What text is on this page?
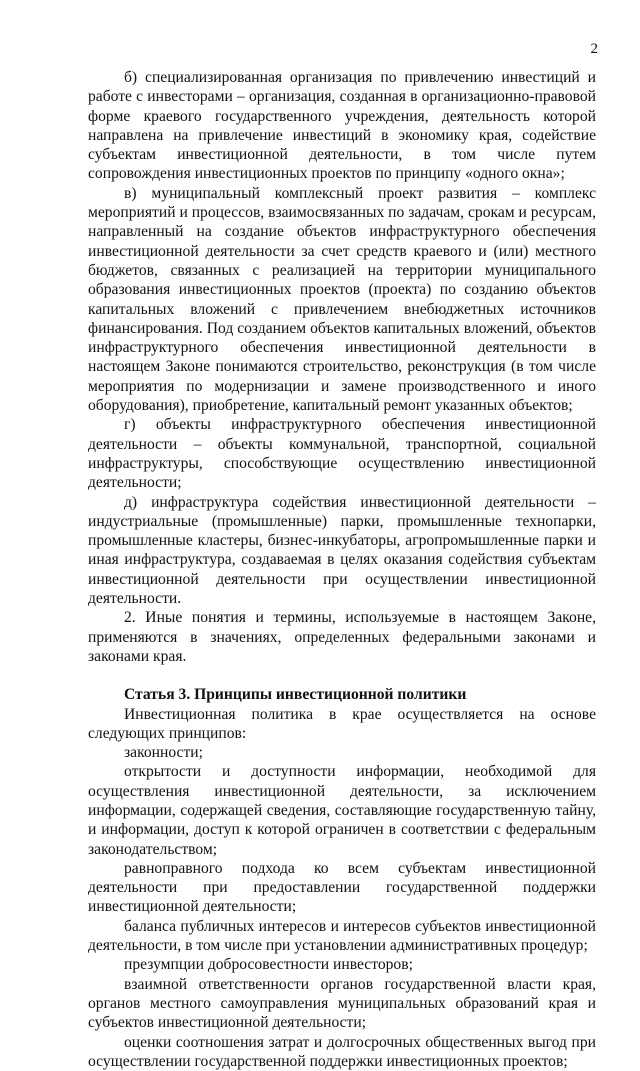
2

б) специализированная организация по привлечению инвестиций и работе с инвесторами – организация, созданная в организационно-правовой форме краевого государственного учреждения, деятельность которой направлена на привлечение инвестиций в экономику края, содействие субъектам инвестиционной деятельности, в том числе путем сопровождения инвестиционных проектов по принципу «одного окна»;

в) муниципальный комплексный проект развития – комплекс мероприятий и процессов, взаимосвязанных по задачам, срокам и ресурсам, направленный на создание объектов инфраструктурного обеспечения инвестиционной деятельности за счет средств краевого и (или) местного бюджетов, связанных с реализацией на территории муниципального образования инвестиционных проектов (проекта) по созданию объектов капитальных вложений с привлечением внебюджетных источников финансирования. Под созданием объектов капитальных вложений, объектов инфраструктурного обеспечения инвестиционной деятельности в настоящем Законе понимаются строительство, реконструкция (в том числе мероприятия по модернизации и замене производственного и иного оборудования), приобретение, капитальный ремонт указанных объектов;

г) объекты инфраструктурного обеспечения инвестиционной деятельности – объекты коммунальной, транспортной, социальной инфраструктуры, способствующие осуществлению инвестиционной деятельности;

д) инфраструктура содействия инвестиционной деятельности – индустриальные (промышленные) парки, промышленные технопарки, промышленные кластеры, бизнес-инкубаторы, агропромышленные парки и иная инфраструктура, создаваемая в целях оказания содействия субъектам инвестиционной деятельности при осуществлении инвестиционной деятельности.

2. Иные понятия и термины, используемые в настоящем Законе, применяются в значениях, определенных федеральными законами и законами края.

Статья 3. Принципы инвестиционной политики

Инвестиционная политика в крае осуществляется на основе следующих принципов:

законности;

открытости и доступности информации, необходимой для осуществления инвестиционной деятельности, за исключением информации, содержащей сведения, составляющие государственную тайну, и информации, доступ к которой ограничен в соответствии с федеральным законодательством;

равноправного подхода ко всем субъектам инвестиционной деятельности при предоставлении государственной поддержки инвестиционной деятельности;

баланса публичных интересов и интересов субъектов инвестиционной деятельности, в том числе при установлении административных процедур;

презумпции добросовестности инвесторов;

взаимной ответственности органов государственной власти края, органов местного самоуправления муниципальных образований края и субъектов инвестиционной деятельности;

оценки соотношения затрат и долгосрочных общественных выгод при осуществлении государственной поддержки инвестиционных проектов;
